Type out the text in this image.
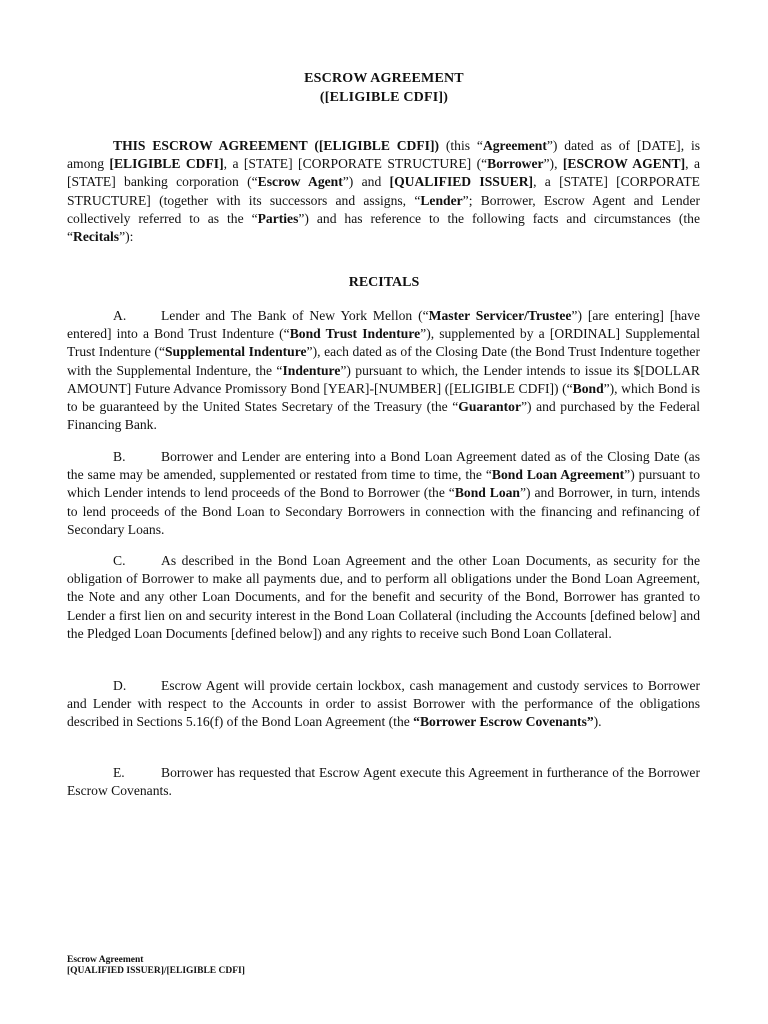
ESCROW AGREEMENT
([ELIGIBLE CDFI])
THIS ESCROW AGREEMENT ([ELIGIBLE CDFI]) (this “Agreement”) dated as of [DATE], is among [ELIGIBLE CDFI], a [STATE] [CORPORATE STRUCTURE] (“Borrower”), [ESCROW AGENT], a [STATE] banking corporation (“Escrow Agent”) and [QUALIFIED ISSUER], a [STATE] [CORPORATE STRUCTURE] (together with its successors and assigns, “Lender”; Borrower, Escrow Agent and Lender collectively referred to as the “Parties”) and has reference to the following facts and circumstances (the “Recitals”):
RECITALS
A.	Lender and The Bank of New York Mellon (“Master Servicer/Trustee”) [are entering] [have entered] into a Bond Trust Indenture (“Bond Trust Indenture”), supplemented by a [ORDINAL] Supplemental Trust Indenture (“Supplemental Indenture”), each dated as of the Closing Date (the Bond Trust Indenture together with the Supplemental Indenture, the “Indenture”) pursuant to which, the Lender intends to issue its $[DOLLAR AMOUNT] Future Advance Promissory Bond [YEAR]-[NUMBER] ([ELIGIBLE CDFI]) (“Bond”), which Bond is to be guaranteed by the United States Secretary of the Treasury (the “Guarantor”) and purchased by the Federal Financing Bank.
B.	Borrower and Lender are entering into a Bond Loan Agreement dated as of the Closing Date (as the same may be amended, supplemented or restated from time to time, the “Bond Loan Agreement”) pursuant to which Lender intends to lend proceeds of the Bond to Borrower (the “Bond Loan”) and Borrower, in turn, intends to lend proceeds of the Bond Loan to Secondary Borrowers in connection with the financing and refinancing of Secondary Loans.
C.	As described in the Bond Loan Agreement and the other Loan Documents, as security for the obligation of Borrower to make all payments due, and to perform all obligations under the Bond Loan Agreement, the Note and any other Loan Documents, and for the benefit and security of the Bond, Borrower has granted to Lender a first lien on and security interest in the Bond Loan Collateral (including the Accounts [defined below] and the Pledged Loan Documents [defined below]) and any rights to receive such Bond Loan Collateral.
D.	Escrow Agent will provide certain lockbox, cash management and custody services to Borrower and Lender with respect to the Accounts in order to assist Borrower with the performance of the obligations described in Sections 5.16(f) of the Bond Loan Agreement (the “Borrower Escrow Covenants”).
E.	Borrower has requested that Escrow Agent execute this Agreement in furtherance of the Borrower Escrow Covenants.
Escrow Agreement
[QUALIFIED ISSUER]/[ELIGIBLE CDFI]
